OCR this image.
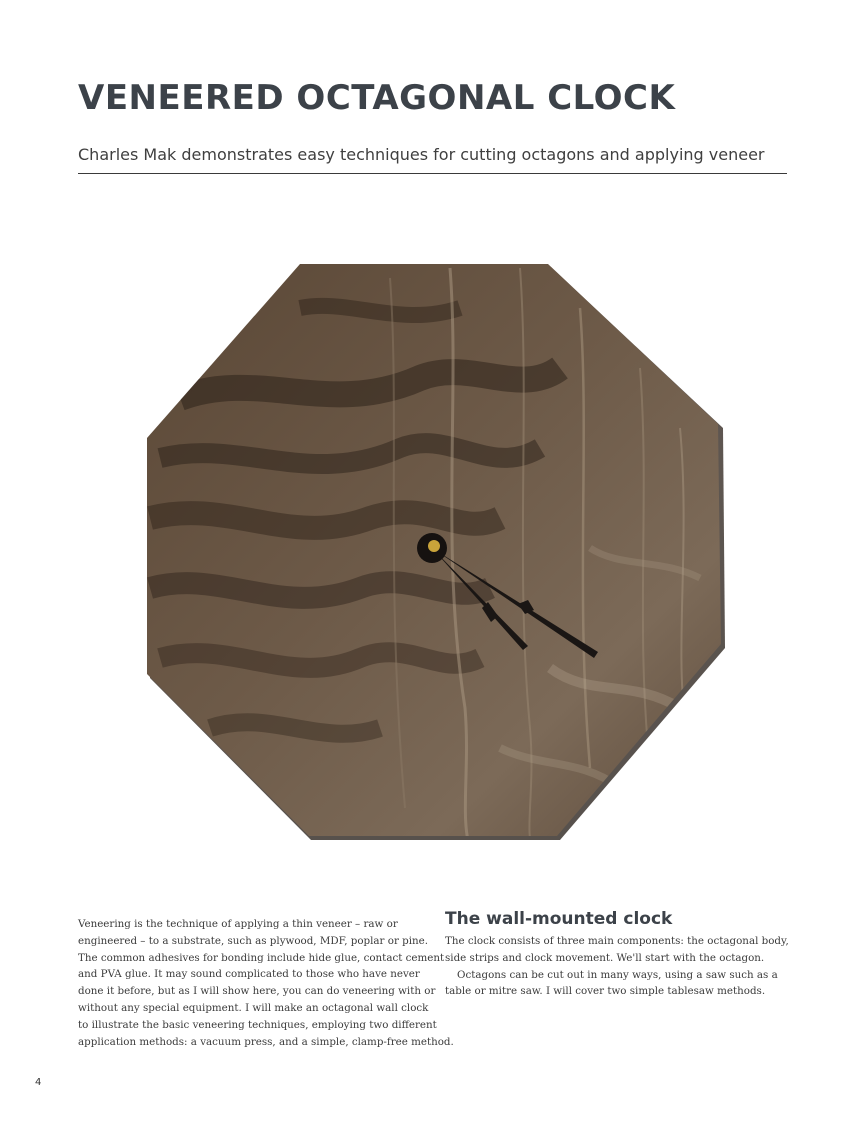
VENEERED OCTAGONAL CLOCK
Charles Mak demonstrates easy techniques for cutting octagons and applying veneer

Veneering is the technique of applying a thin veneer – raw or
engineered – to a substrate, such as plywood, MDF, poplar or pine.
The common adhesives for bonding include hide glue, contact cement
and PVA glue. It may sound complicated to those who have never
done it before, but as I will show here, you can do veneering with or
without any special equipment. I will make an octagonal wall clock
to illustrate the basic veneering techniques, employing two different
application methods: a vacuum press, and a simple, clamp-free method.

The wall-mounted clock

The clock consists of three main components: the octagonal body,
side strips and clock movement. We'll start with the octagon.

Octagons can be cut out in many ways, using a saw such as a
table or mitre saw. I will cover two simple tablesaw methods.

4
